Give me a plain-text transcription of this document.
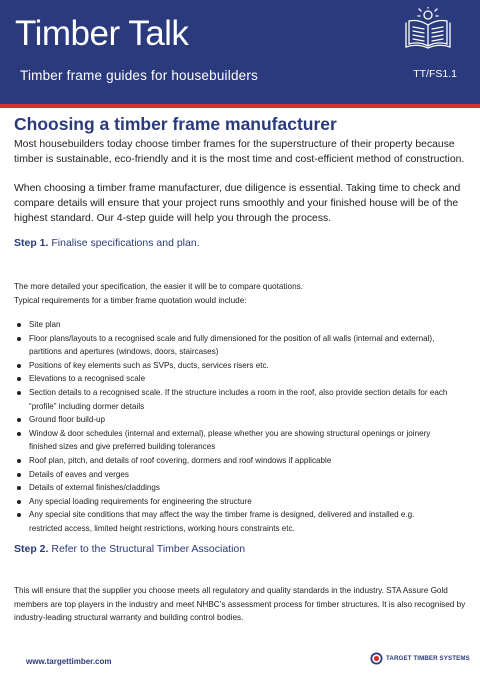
Timber Talk
Timber frame guides for housebuilders	TT/FS1.1
Choosing a timber frame manufacturer

Most housebuilders today choose timber frames for the superstructure of their property because timber is sustainable, eco-friendly and it is the most time and cost-efficient method of construction.

When choosing a timber frame manufacturer, due diligence is essential. Taking time to check and compare details will ensure that your project runs smoothly and your finished house will be of the highest standard. Our 4-step guide will help you through the process.

Step 1. Finalise specifications and plan.

The more detailed your specification, the easier it will be to compare quotations.

Typical requirements for a timber frame quotation would include:

Site plan
Floor plans/layouts to a recognised scale and fully dimensioned for the position of all walls (internal and external),
partitions and apertures (windows, doors, staircases)
Positions of key elements such as SVPs, ducts, services risers etc.
Elevations to a recognised scale
Section details to a recognised scale. If the structure includes a room in the roof, also provide section details for each
“profile” including dormer details
Ground floor build-up
Window & door schedules (internal and external), please whether you are showing structural openings or joinery
finished sizes and give preferred building tolerances
Roof plan, pitch, and details of roof covering, dormers and roof windows if applicable
Details of eaves and verges
Details of external finishes/claddings
Any special loading requirements for engineering the structure
Any special site conditions that may affect the way the timber frame is designed, delivered and installed e.g.
restricted access, limited height restrictions, working hours constraints etc.
Step 2. Refer to the Structural Timber Association

This will ensure that the supplier you choose meets all regulatory and quality standards in the industry. STA Assure Gold members are top players in the industry and meet NHBC’s assessment process for timber structures. It is also recognised by industry-leading structural warranty and building control bodies.

www.targettimber.com	TARGET TIMBER SYSTEMS
